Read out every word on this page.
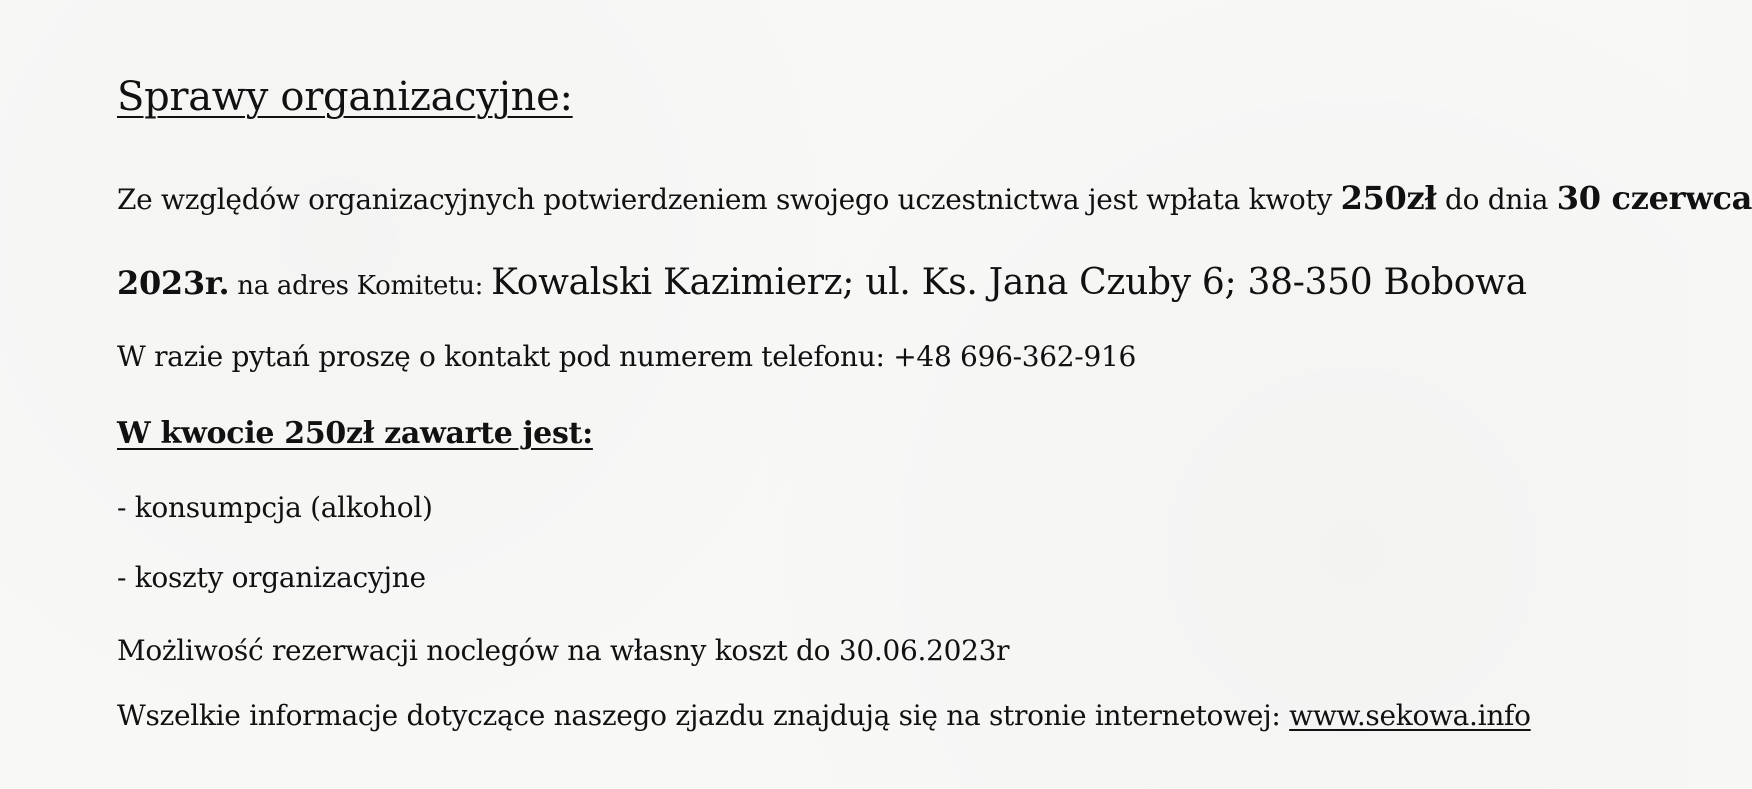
Sprawy organizacyjne:
Ze względów organizacyjnych potwierdzeniem swojego uczestnictwa jest wpłata kwoty 250zł do dnia 30 czerwca
2023r. na adres Komitetu: Kowalski Kazimierz; ul. Ks. Jana Czuby 6; 38-350 Bobowa
W razie pytań proszę o kontakt pod numerem telefonu: +48 696-362-916
W kwocie 250zł zawarte jest:
- konsumpcja (alkohol)
- koszty organizacyjne
Możliwość rezerwacji noclegów na własny koszt do 30.06.2023r
Wszelkie informacje dotyczące naszego zjazdu znajdują się na stronie internetowej: www.sekowa.info
